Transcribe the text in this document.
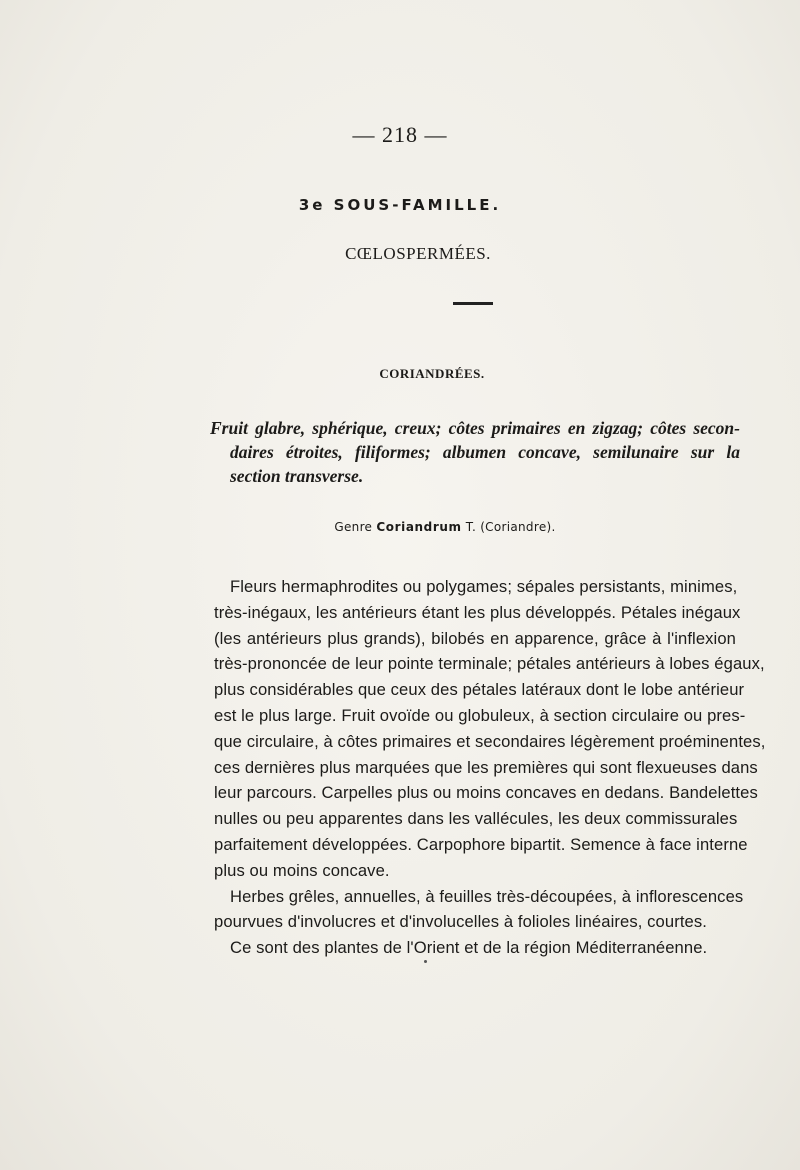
— 218 —
3e SOUS-FAMILLE.
CŒLOSPERMÉES.
CORIANDRÉES.
Fruit glabre, sphérique, creux; côtes primaires en zigzag; côtes secon-
daires étroites, filiformes; albumen concave, semilunaire sur la
section transverse.
Genre Coriandrum T. (Coriandre).
Fleurs hermaphrodites ou polygames; sépales persistants, minimes,
très-inégaux, les antérieurs étant les plus développés. Pétales inégaux
(les antérieurs plus grands), bilobés en apparence, grâce à l'inflexion
très-prononcée de leur pointe terminale; pétales antérieurs à lobes égaux,
plus considérables que ceux des pétales latéraux dont le lobe antérieur
est le plus large. Fruit ovoïde ou globuleux, à section circulaire ou pres-
que circulaire, à côtes primaires et secondaires légèrement proéminentes,
ces dernières plus marquées que les premières qui sont flexueuses dans
leur parcours. Carpelles plus ou moins concaves en dedans. Bandelettes
nulles ou peu apparentes dans les vallécules, les deux commissurales
parfaitement développées. Carpophore bipartit. Semence à face interne
plus ou moins concave.
Herbes grêles, annuelles, à feuilles très-découpées, à inflorescences
pourvues d'involucres et d'involucelles à folioles linéaires, courtes.
Ce sont des plantes de l'Orient et de la région Méditerranéenne.
